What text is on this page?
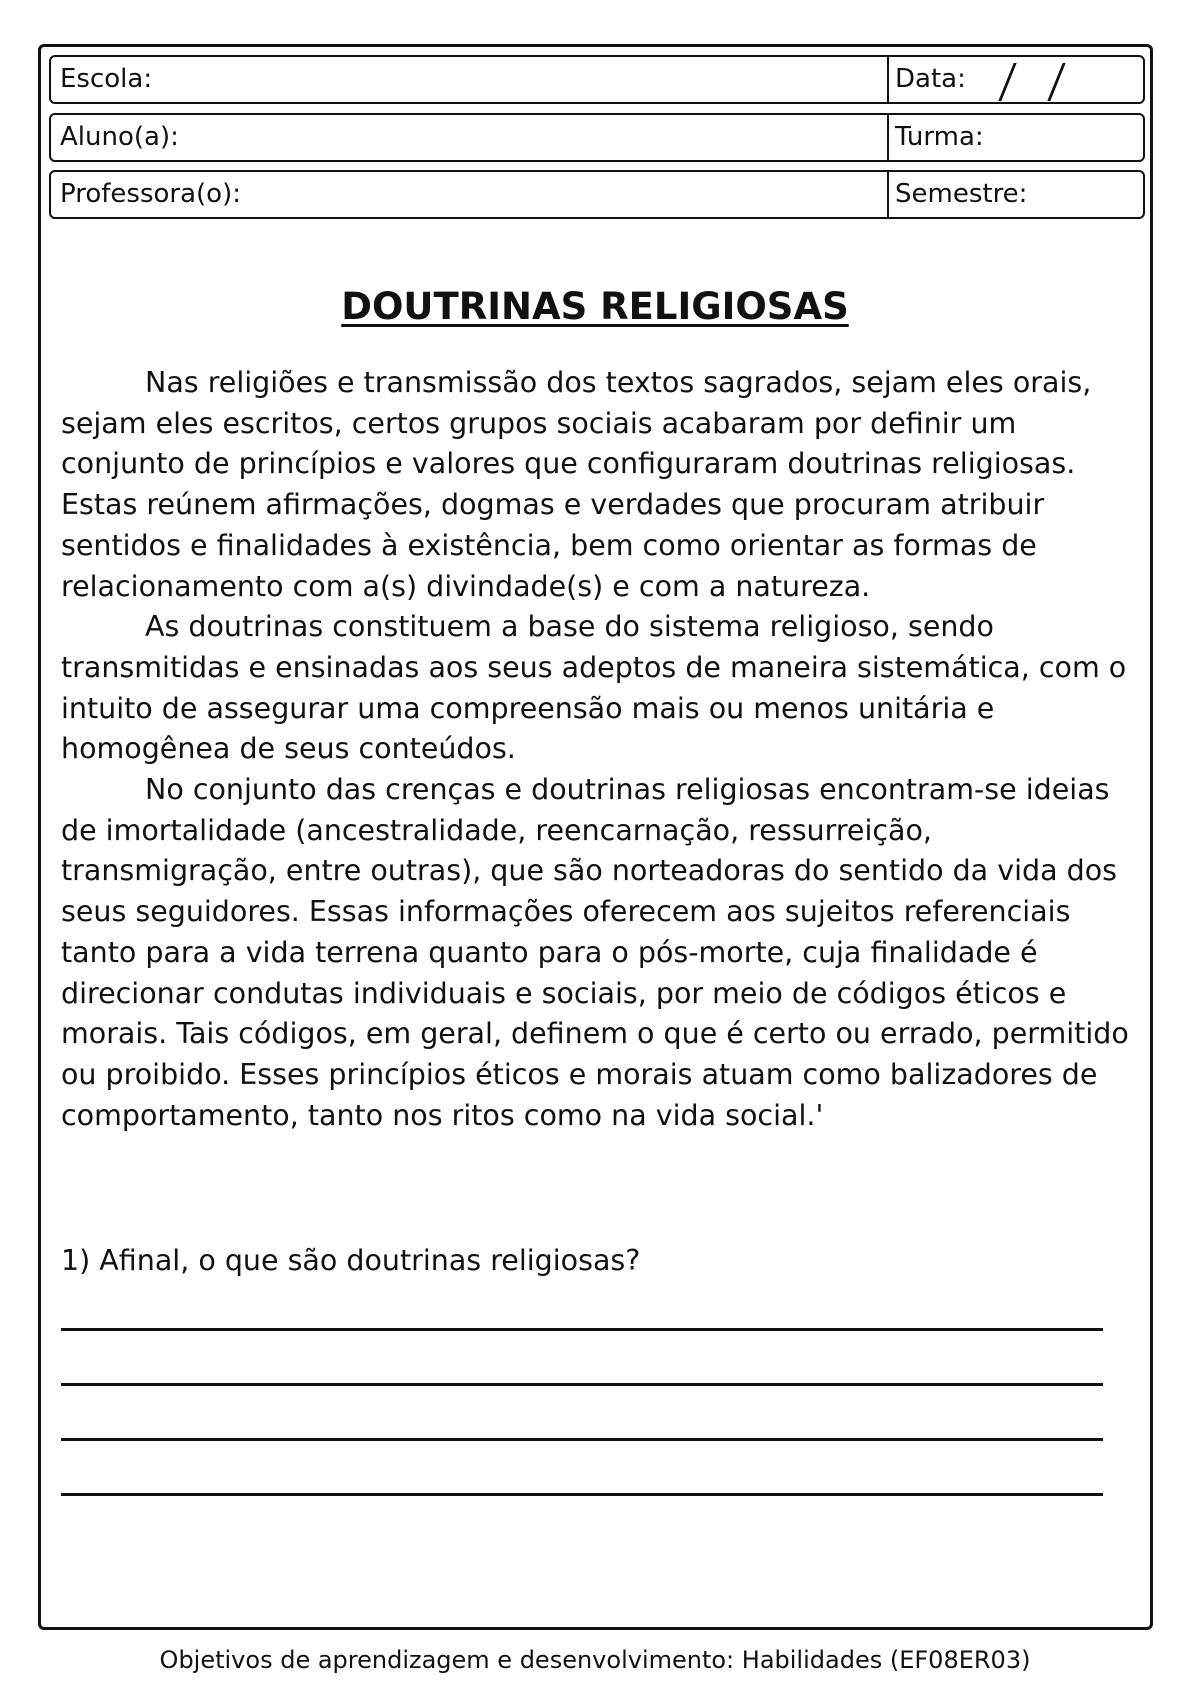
Escola:	Data:
Aluno(a):	Turma:
Professora(o):	Semestre:
DOUTRINAS RELIGIOSAS

Nas religiões e transmissão dos textos sagrados, sejam eles orais, sejam eles escritos, certos grupos sociais acabaram por definir um conjunto de princípios e valores que configuraram doutrinas religiosas. Estas reúnem afirmações, dogmas e verdades que procuram atribuir sentidos e finalidades à existência, bem como orientar as formas de relacionamento com a(s) divindade(s) e com a natureza.

As doutrinas constituem a base do sistema religioso, sendo transmitidas e ensinadas aos seus adeptos de maneira sistemática, com o intuito de assegurar uma compreensão mais ou menos unitária e homogênea de seus conteúdos.

No conjunto das crenças e doutrinas religiosas encontram-se ideias de imortalidade (ancestralidade, reencarnação, ressurreição, transmigração, entre outras), que são norteadoras do sentido da vida dos seus seguidores. Essas informações oferecem aos sujeitos referenciais tanto para a vida terrena quanto para o pós-morte, cuja finalidade é direcionar condutas individuais e sociais, por meio de códigos éticos e morais. Tais códigos, em geral, definem o que é certo ou errado, permitido ou proibido. Esses princípios éticos e morais atuam como balizadores de comportamento, tanto nos ritos como na vida social.'

1) Afinal, o que são doutrinas religiosas?
Objetivos de aprendizagem e desenvolvimento: Habilidades (EF08ER03)
